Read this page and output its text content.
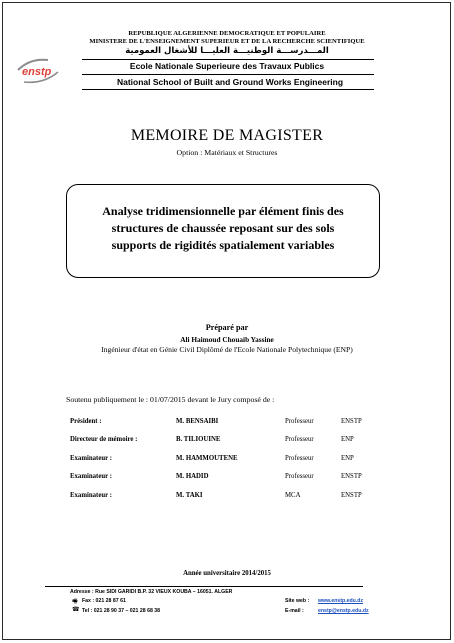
REPUBLIQUE ALGERIENNE DEMOCRATIQUE ET POPULAIRE
MINISTERE DE L'ENSEIGNEMENT SUPERIEUR ET DE LA RECHERCHE SCIENTIFIQUE
المـــدرســـة الوطنيـــة العليـــا للأشغال العمومية
enstp	Ecole Nationale Superieure des Travaux Publics
National School of Built and Ground Works Engineering
MEMOIRE DE MAGISTER
Option : Matériaux et Structures
Analyse tridimensionnelle par élément finis des
structures de chaussée reposant sur des sols
supports de rigidités spatialement variables
Préparé par
Ali Haimoud Chouaib Yassine
Ingénieur d'état en Génie Civil Diplômé de l'Ecole Nationale Polytechnique (ENP)
Soutenu publiquement le : 01/07/2015 devant le Jury composé de :
Président :	M. BENSAIBI	Professeur	ENSTP
Directeur de mémoire :	B. TILIOUINE	Professeur	ENP
Examinateur :	M. HAMMOUTENE	Professeur	ENP
Examinateur :	M. HADID	Professeur	ENSTP
Examinateur :	M. TAKI	MCA	ENSTP
Année universitaire 2014/2015
Adresse : Rue SIDI GARIDI B.P. 32 VIEUX KOUBA – 16051. ALGER
🖷 Fax : 021 28 87 61
☎ Tel : 021 28 90 37 – 021 28 68 38
Site web : www.enstp.edu.dz
E-mail :	enstp@enstp.edu.dz
